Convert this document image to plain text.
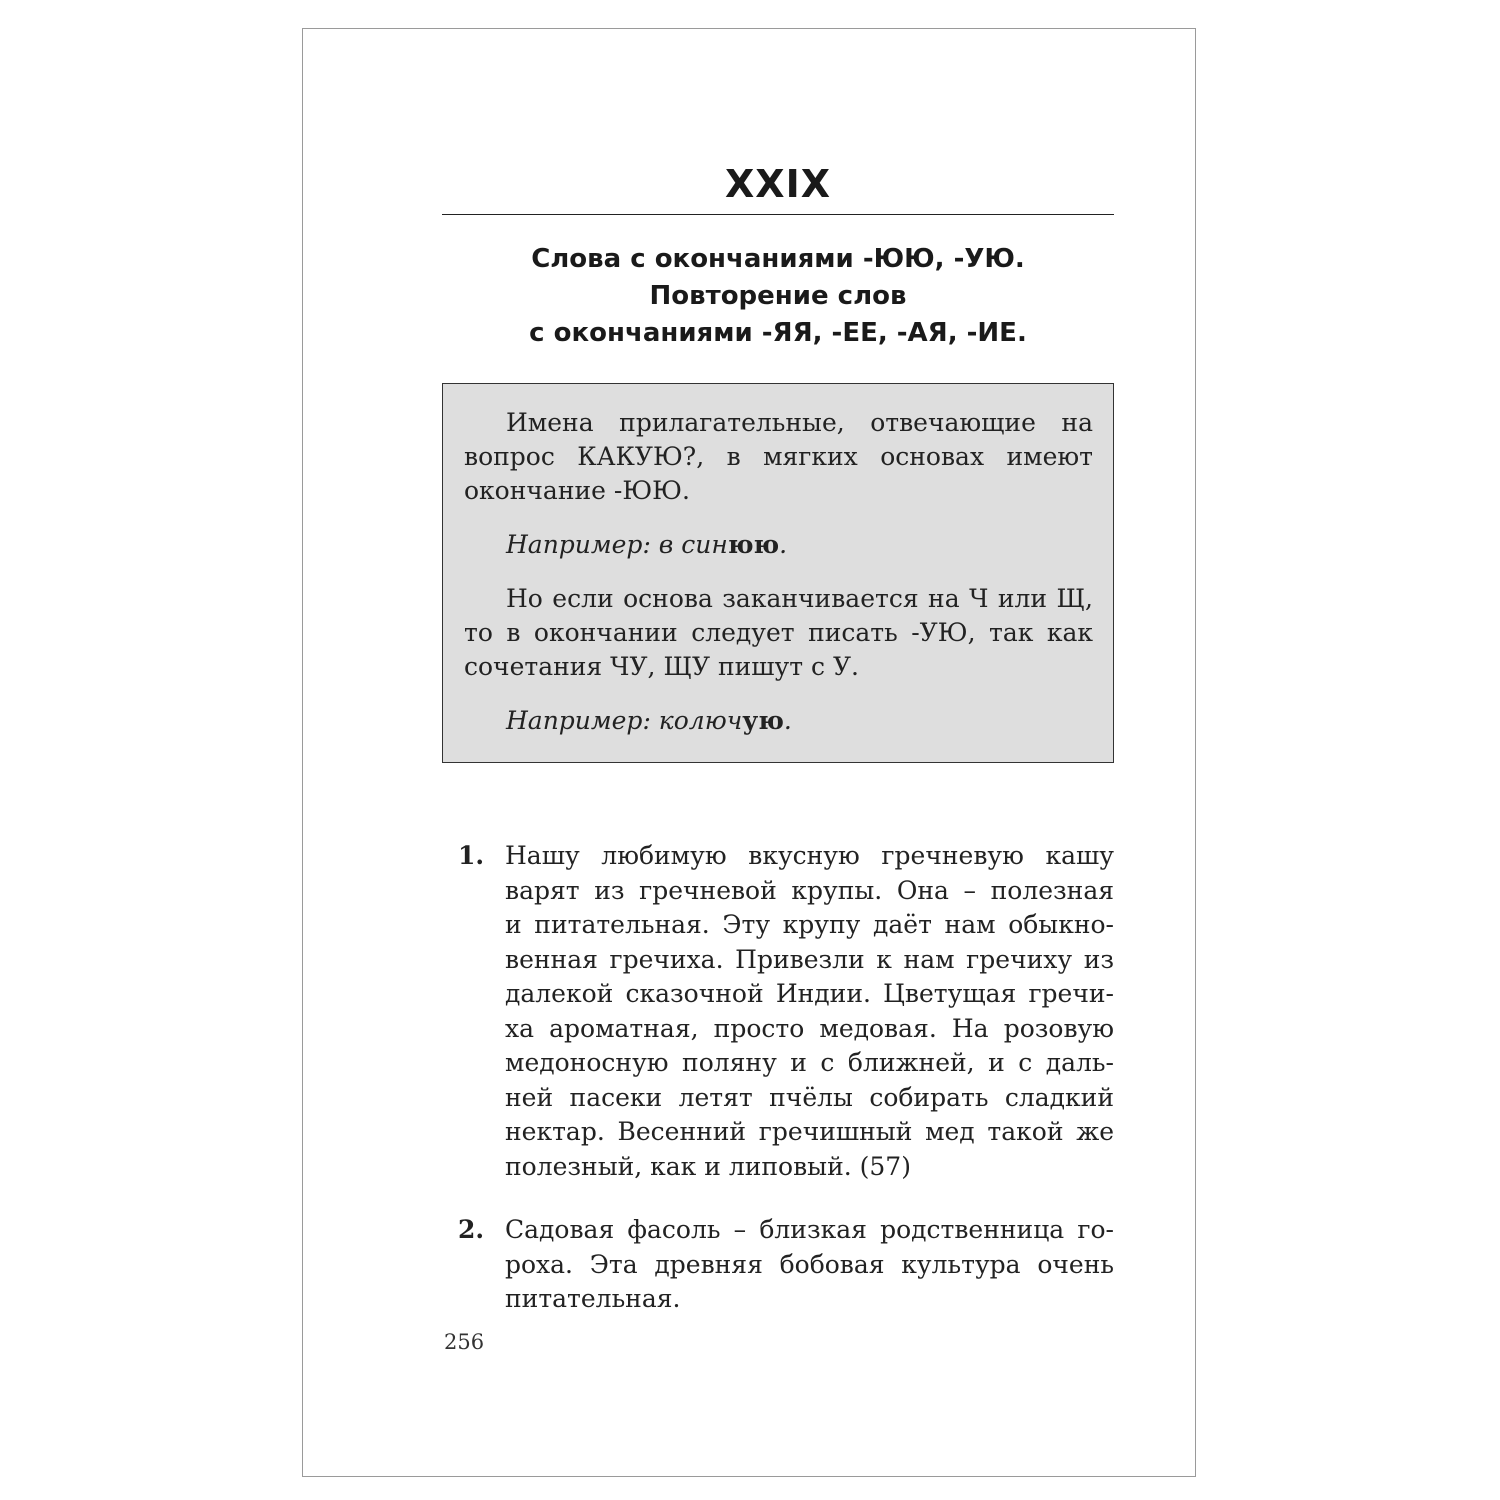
XXIX
Слова с окончаниями -ЮЮ, -УЮ.
Повторение слов
с окончаниями -ЯЯ, -ЕЕ, -АЯ, -ИЕ.

Имена прилагательные, отвечающие на вопрос КАКУЮ?, в мягких основах имеют окончание -ЮЮ.

Например: в синюю.

Но если основа заканчивается на Ч или Щ, то в окончании следует писать -УЮ, так как сочетания ЧУ, ЩУ пишут с У.

Например: колючую.

1. Нашу любимую вкусную гречневую кашу
варят из гречневой крупы. Она – полезная
и питательная. Эту крупу даёт нам обыкно-
венная гречиха. Привезли к нам гречиху из
далекой сказочной Индии. Цветущая гречи-
ха ароматная, просто медовая. На розовую
медоносную поляну и с ближней, и с даль-
ней пасеки летят пчёлы собирать сладкий
нектар. Весенний гречишный мед такой же
полезный, как и липовый. (57)
2. Садовая фасоль – близкая родственница го-
роха. Эта древняя бобовая культура очень
питательная.
256
